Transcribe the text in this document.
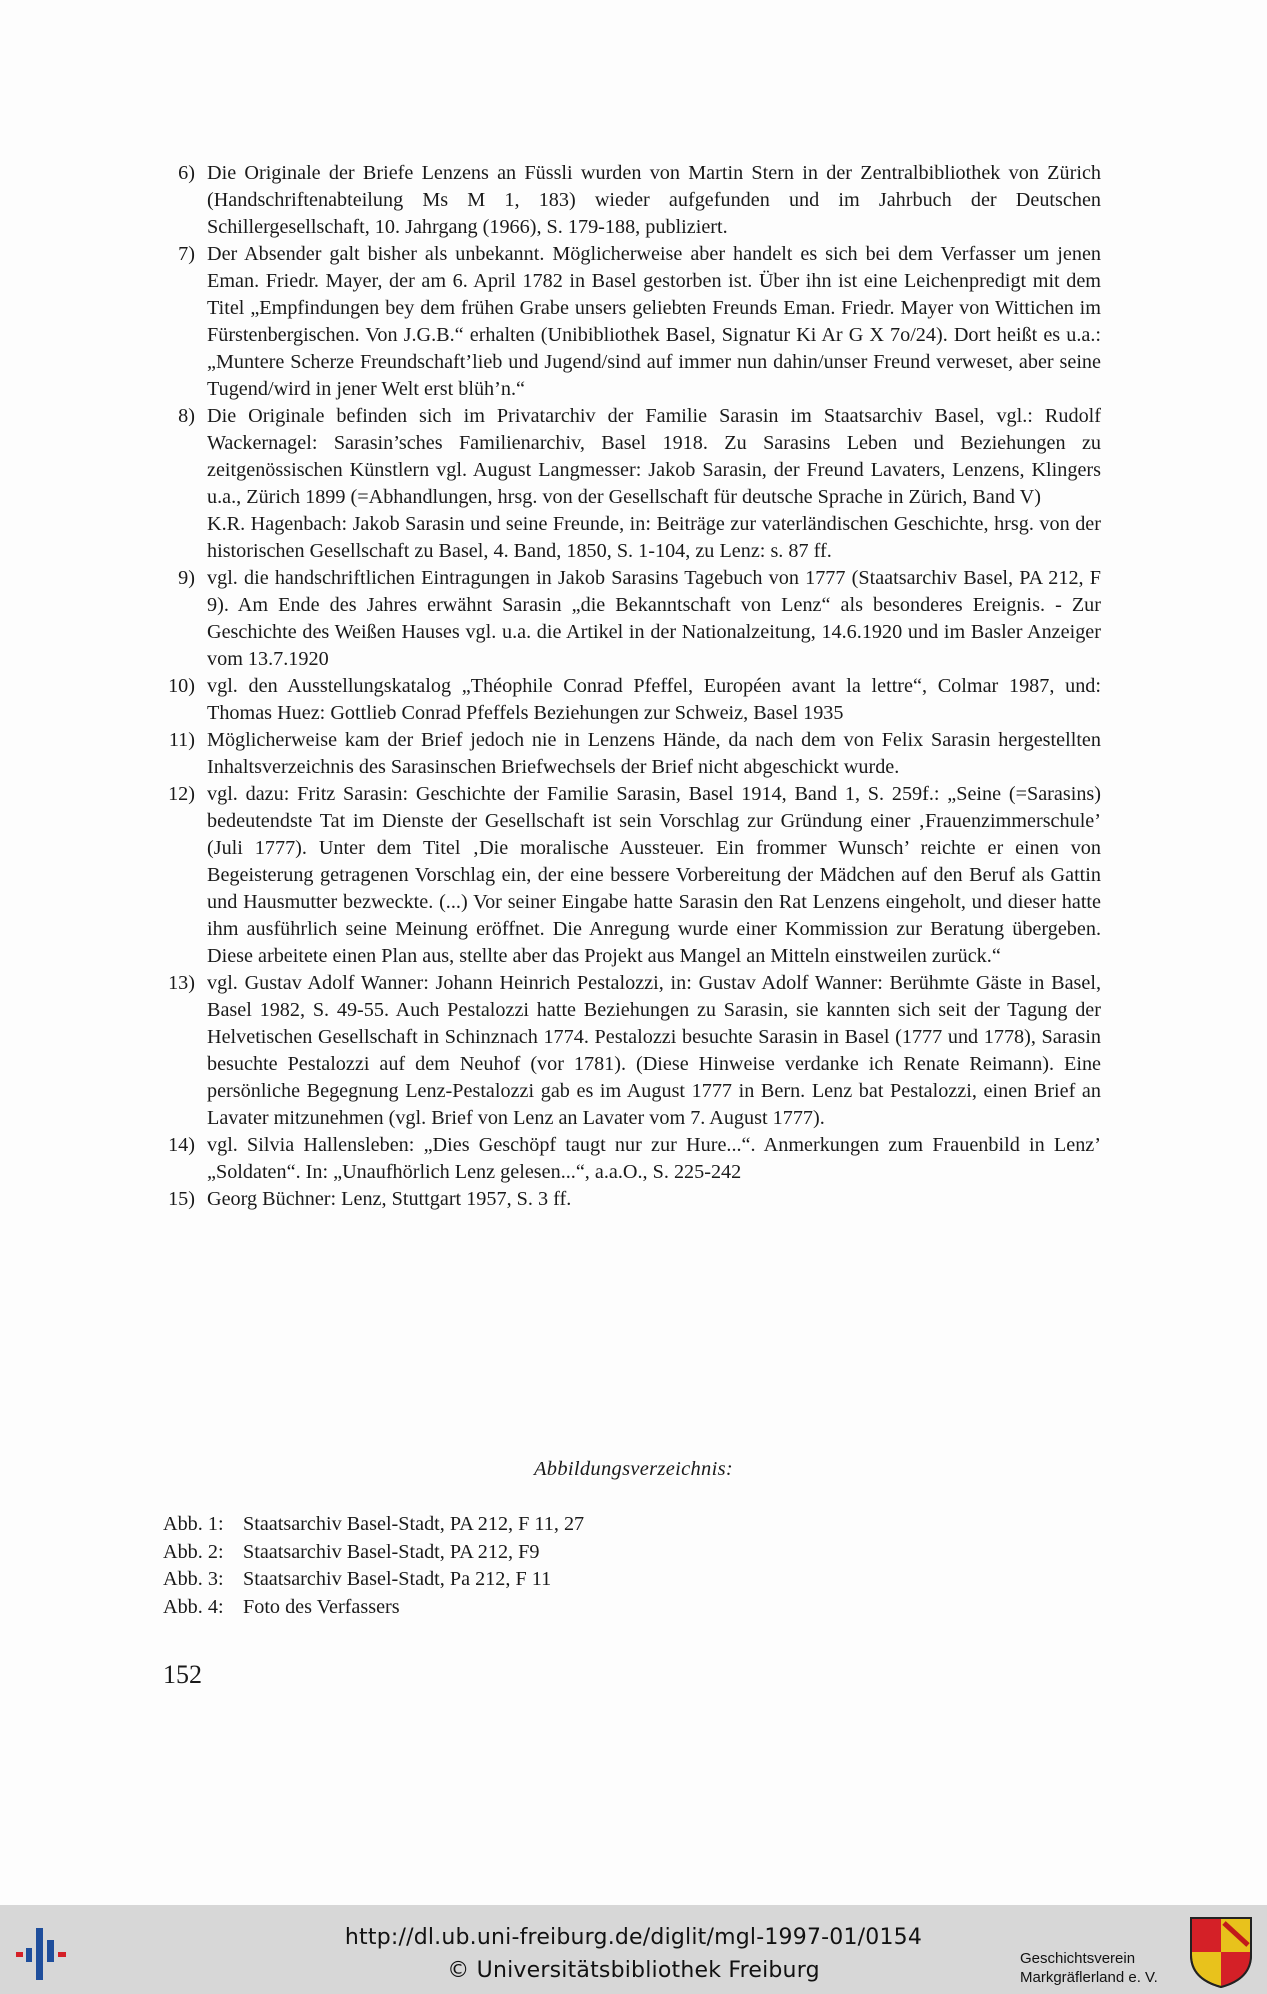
6) Die Originale der Briefe Lenzens an Füssli wurden von Martin Stern in der Zentralbibliothek von Zürich (Handschriftenabteilung Ms M 1, 183) wieder aufgefunden und im Jahrbuch der Deutschen Schillergesellschaft, 10. Jahrgang (1966), S. 179-188, publiziert.

7) Der Absender galt bisher als unbekannt. Möglicherweise aber handelt es sich bei dem Verfasser um jenen Eman. Friedr. Mayer, der am 6. April 1782 in Basel gestorben ist. Über ihn ist eine Leichenpredigt mit dem Titel „Empfindungen bey dem frühen Grabe unsers geliebten Freunds Eman. Friedr. Mayer von Wittichen im Fürstenbergischen. Von J.G.B.“ erhalten (Unibibliothek Basel, Signatur Ki Ar G X 7o/24). Dort heißt es u.a.: „Muntere Scherze Freundschaft’lieb und Jugend/sind auf immer nun dahin/unser Freund verweset, aber seine Tugend/wird in jener Welt erst blüh’n.“

8) Die Originale befinden sich im Privatarchiv der Familie Sarasin im Staatsarchiv Basel, vgl.: Rudolf Wackernagel: Sarasin’sches Familienarchiv, Basel 1918. Zu Sarasins Leben und Beziehungen zu zeitgenössischen Künstlern vgl. August Langmesser: Jakob Sarasin, der Freund Lavaters, Lenzens, Klingers u.a., Zürich 1899 (=Abhandlungen, hrsg. von der Gesellschaft für deutsche Sprache in Zürich, Band V)

K.R. Hagenbach: Jakob Sarasin und seine Freunde, in: Beiträge zur vaterländischen Geschichte, hrsg. von der historischen Gesellschaft zu Basel, 4. Band, 1850, S. 1-104, zu Lenz: s. 87 ff.

9) vgl. die handschriftlichen Eintragungen in Jakob Sarasins Tagebuch von 1777 (Staatsarchiv Basel, PA 212, F 9). Am Ende des Jahres erwähnt Sarasin „die Bekanntschaft von Lenz“ als besonderes Ereignis. - Zur Geschichte des Weißen Hauses vgl. u.a. die Artikel in der Nationalzeitung, 14.6.1920 und im Basler Anzeiger vom 13.7.1920

10) vgl. den Ausstellungskatalog „Théophile Conrad Pfeffel, Européen avant la lettre“, Colmar 1987, und: Thomas Huez: Gottlieb Conrad Pfeffels Beziehungen zur Schweiz, Basel 1935

11) Möglicherweise kam der Brief jedoch nie in Lenzens Hände, da nach dem von Felix Sarasin hergestellten Inhaltsverzeichnis des Sarasinschen Briefwechsels der Brief nicht abgeschickt wurde.

12) vgl. dazu: Fritz Sarasin: Geschichte der Familie Sarasin, Basel 1914, Band 1, S. 259f.: „Seine (=Sarasins) bedeutendste Tat im Dienste der Gesellschaft ist sein Vorschlag zur Gründung einer ‚Frauenzimmerschule’ (Juli 1777). Unter dem Titel ‚Die moralische Aussteuer. Ein frommer Wunsch’ reichte er einen von Begeisterung getragenen Vorschlag ein, der eine bessere Vorbereitung der Mädchen auf den Beruf als Gattin und Hausmutter bezweckte. (...) Vor seiner Eingabe hatte Sarasin den Rat Lenzens eingeholt, und dieser hatte ihm ausführlich seine Meinung eröffnet. Die Anregung wurde einer Kommission zur Beratung übergeben. Diese arbeitete einen Plan aus, stellte aber das Projekt aus Mangel an Mitteln einstweilen zurück.“

13) vgl. Gustav Adolf Wanner: Johann Heinrich Pestalozzi, in: Gustav Adolf Wanner: Berühmte Gäste in Basel, Basel 1982, S. 49-55. Auch Pestalozzi hatte Beziehungen zu Sarasin, sie kannten sich seit der Tagung der Helvetischen Gesellschaft in Schinznach 1774. Pestalozzi besuchte Sarasin in Basel (1777 und 1778), Sarasin besuchte Pestalozzi auf dem Neuhof (vor 1781). (Diese Hinweise verdanke ich Renate Reimann). Eine persönliche Begegnung Lenz-Pestalozzi gab es im August 1777 in Bern. Lenz bat Pestalozzi, einen Brief an Lavater mitzunehmen (vgl. Brief von Lenz an Lavater vom 7. August 1777).

14) vgl. Silvia Hallensleben: „Dies Geschöpf taugt nur zur Hure...“. Anmerkungen zum Frauenbild in Lenz’ „Soldaten“. In: „Unaufhörlich Lenz gelesen...“, a.a.O., S. 225-242

15) Georg Büchner: Lenz, Stuttgart 1957, S. 3 ff.

Abbildungsverzeichnis:
Abb. 1: Staatsarchiv Basel-Stadt, PA 212, F 11, 27
Abb. 2: Staatsarchiv Basel-Stadt, PA 212, F9
Abb. 3: Staatsarchiv Basel-Stadt, Pa 212, F 11
Abb. 4: Foto des Verfassers
152
http://dl.ub.uni-freiburg.de/diglit/mgl-1997-01/0154
© Universitätsbibliothek Freiburg	Geschichtsverein
Markgräflerland e. V.
